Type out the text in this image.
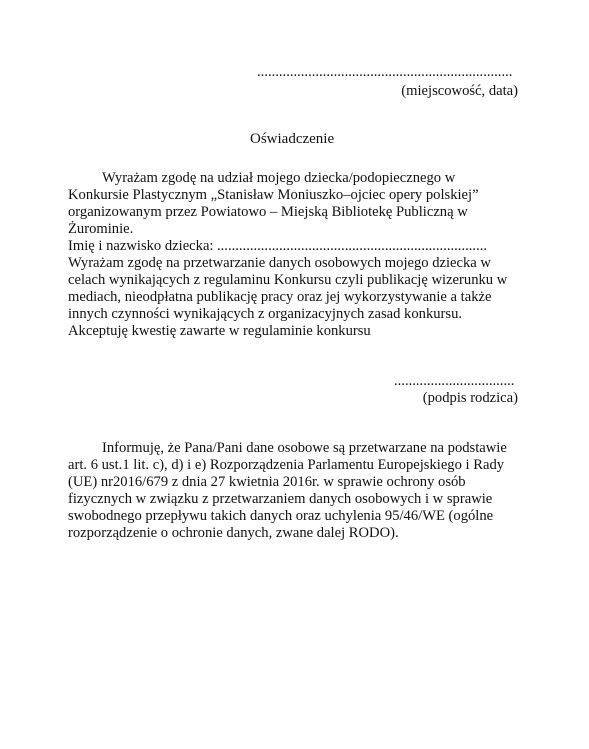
......................................................................

(miejscowość, data)

Oświadczenie

Wyrażam zgodę na udział mojego dziecka/podopiecznego w

Konkursie Plastycznym „Stanisław Moniuszko–ojciec opery polskiej”

organizowanym przez Powiatowo – Miejską Bibliotekę Publiczną w

Żurominie.

Imię i nazwisko dziecka: ..........................................................................

Wyrażam zgodę na przetwarzanie danych osobowych mojego dziecka w

celach wynikających z regulaminu Konkursu czyli publikację wizerunku w

mediach, nieodpłatna publikację pracy oraz jej wykorzystywanie a także

innych czynności wynikających z organizacyjnych zasad konkursu.

Akceptuję kwestię zawarte w regulaminie konkursu

.................................

(podpis rodzica)

Informuję, że Pana/Pani dane osobowe są przetwarzane na podstawie

art. 6 ust.1 lit. c), d) i e) Rozporządzenia Parlamentu Europejskiego i Rady

(UE) nr2016/679 z dnia 27 kwietnia 2016r. w sprawie ochrony osób

fizycznych w związku z przetwarzaniem danych osobowych i w sprawie

swobodnego przepływu takich danych oraz uchylenia 95/46/WE (ogólne

rozporządzenie o ochronie danych, zwane dalej RODO).
